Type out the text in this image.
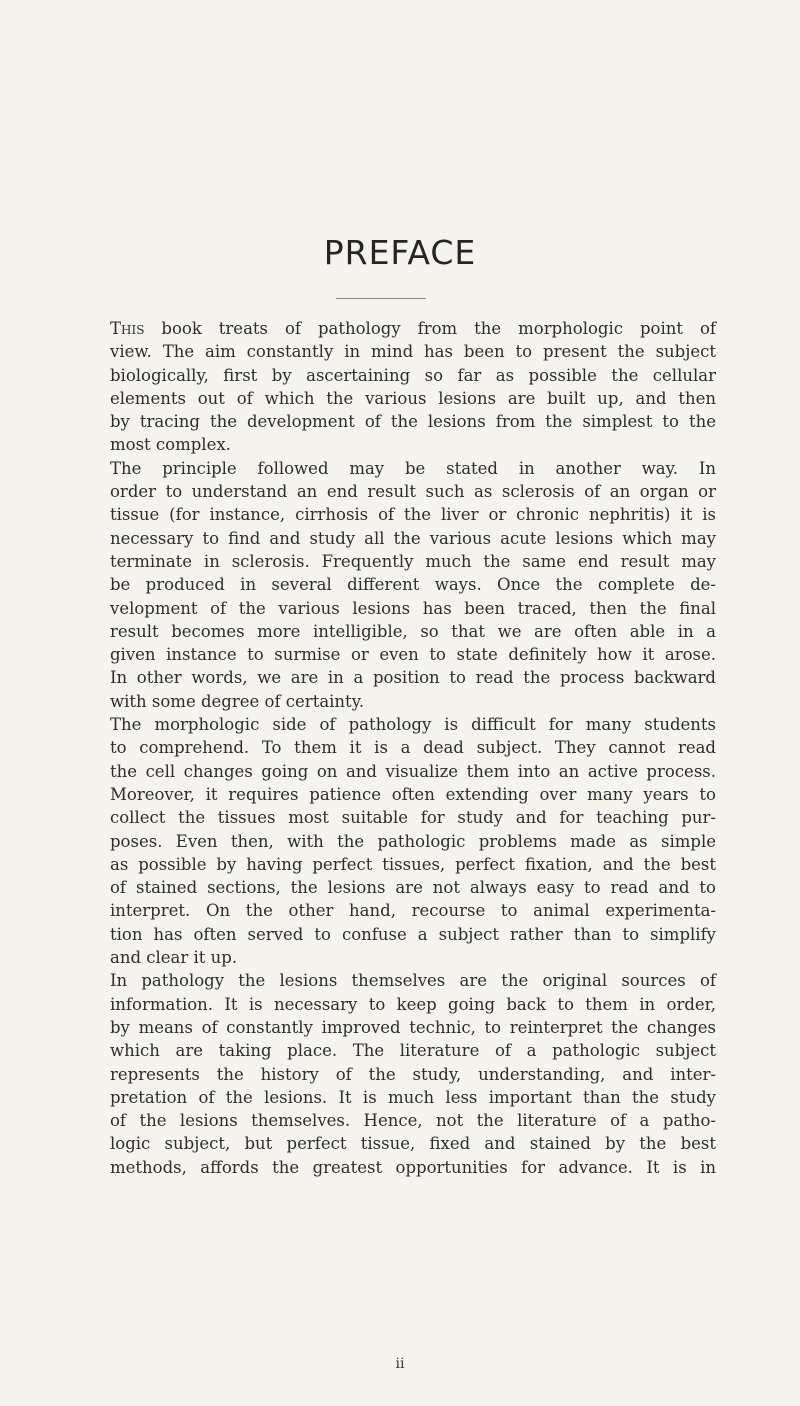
PREFACE

This book treats of pathology from the morphologic point of
view. The aim constantly in mind has been to present the subject
biologically, first by ascertaining so far as possible the cellular
elements out of which the various lesions are built up, and then
by tracing the development of the lesions from the simplest to the
most complex.

The principle followed may be stated in another way. In
order to understand an end result such as sclerosis of an organ or
tissue (for instance, cirrhosis of the liver or chronic nephritis) it is
necessary to find and study all the various acute lesions which may
terminate in sclerosis. Frequently much the same end result may
be produced in several different ways. Once the complete de-
velopment of the various lesions has been traced, then the final
result becomes more intelligible, so that we are often able in a
given instance to surmise or even to state definitely how it arose.
In other words, we are in a position to read the process backward
with some degree of certainty.

The morphologic side of pathology is difficult for many students
to comprehend. To them it is a dead subject. They cannot read
the cell changes going on and visualize them into an active process.
Moreover, it requires patience often extending over many years to
collect the tissues most suitable for study and for teaching pur-
poses. Even then, with the pathologic problems made as simple
as possible by having perfect tissues, perfect fixation, and the best
of stained sections, the lesions are not always easy to read and to
interpret. On the other hand, recourse to animal experimenta-
tion has often served to confuse a subject rather than to simplify
and clear it up.

In pathology the lesions themselves are the original sources of
information. It is necessary to keep going back to them in order,
by means of constantly improved technic, to reinterpret the changes
which are taking place. The literature of a pathologic subject
represents the history of the study, understanding, and inter-
pretation of the lesions. It is much less important than the study
of the lesions themselves. Hence, not the literature of a patho-
logic subject, but perfect tissue, fixed and stained by the best
methods, affords the greatest opportunities for advance. It is in

ii
